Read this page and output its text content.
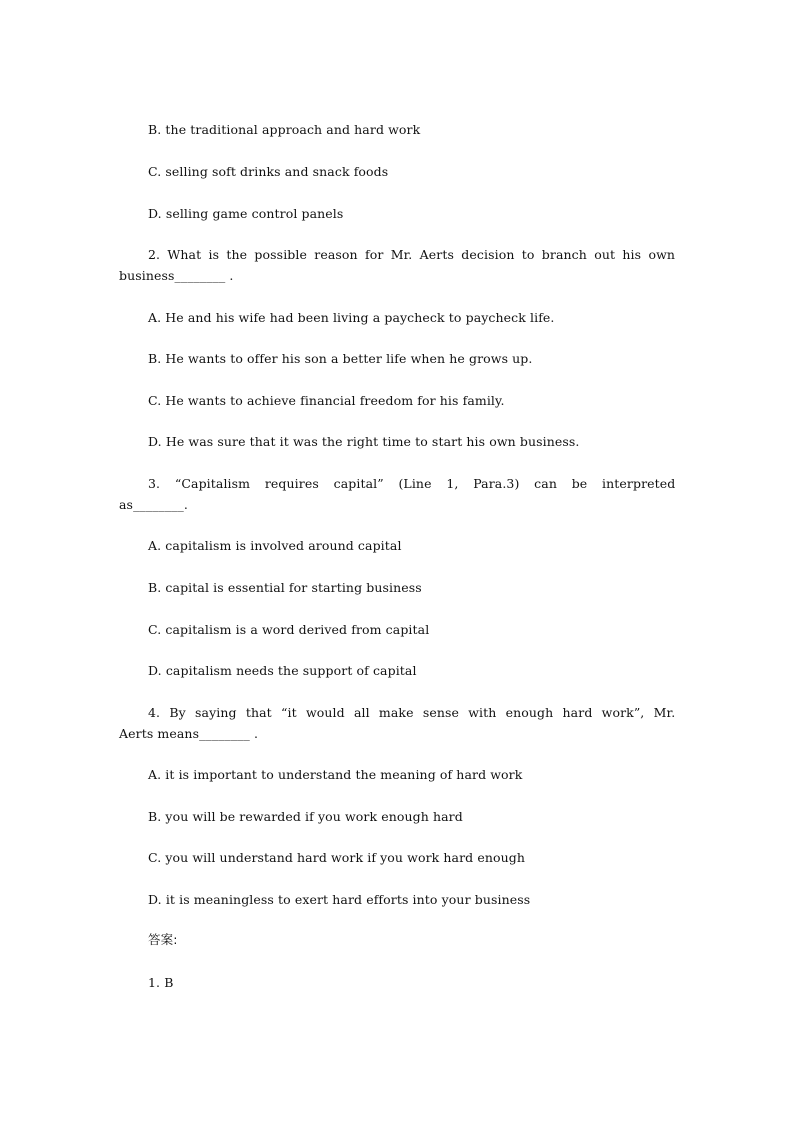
B. the traditional approach and hard work
C. selling soft drinks and snack foods
D. selling game control panels
2. What is the possible reason for Mr. Aerts decision to branch out his own
business________ .
A. He and his wife had been living a paycheck to paycheck life.
B. He wants to offer his son a better life when he grows up.
C. He wants to achieve financial freedom for his family.
D. He was sure that it was the right time to start his own business.
3. “Capitalism requires capital” (Line 1, Para.3) can be interpreted
as________.
A. capitalism is involved around capital
B. capital is essential for starting business
C. capitalism is a word derived from capital
D. capitalism needs the support of capital
4. By saying that “it would all make sense with enough hard work”, Mr.
Aerts means________ .
A. it is important to understand the meaning of hard work
B. you will be rewarded if you work enough hard
C. you will understand hard work if you work hard enough
D. it is meaningless to exert hard efforts into your business
答案:
1. B
